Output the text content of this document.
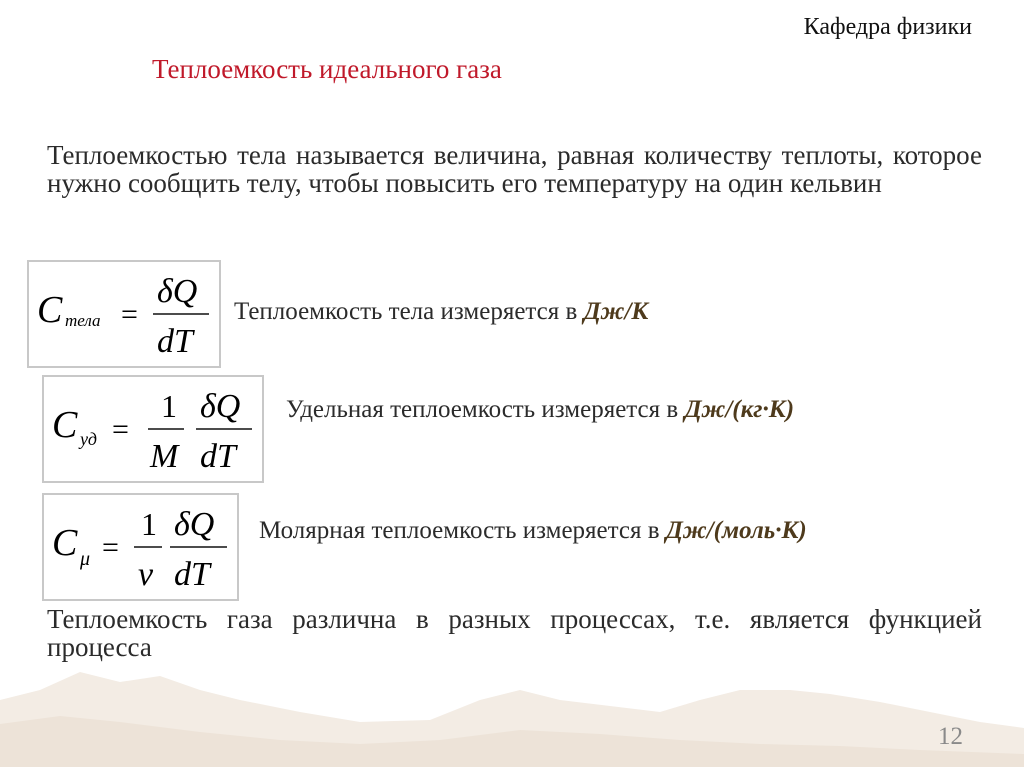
Кафедра физики
Теплоемкость идеального газа
Теплоемкостью тела называется величина, равная количеству теплоты, которое нужно сообщить телу, чтобы повысить его температуру на один кельвин
C тела =
δQ
dT
Теплоемкость тела измеряется в Дж/К
C уд =
1
M
δQ
dT
Удельная теплоемкость измеряется в Дж/(кг·К)
C μ =
1
ν
δQ
dT
Молярная теплоемкость измеряется в Дж/(моль·К)
Теплоемкость газа различна в разных процессах, т.е. является функцией процесса
12
